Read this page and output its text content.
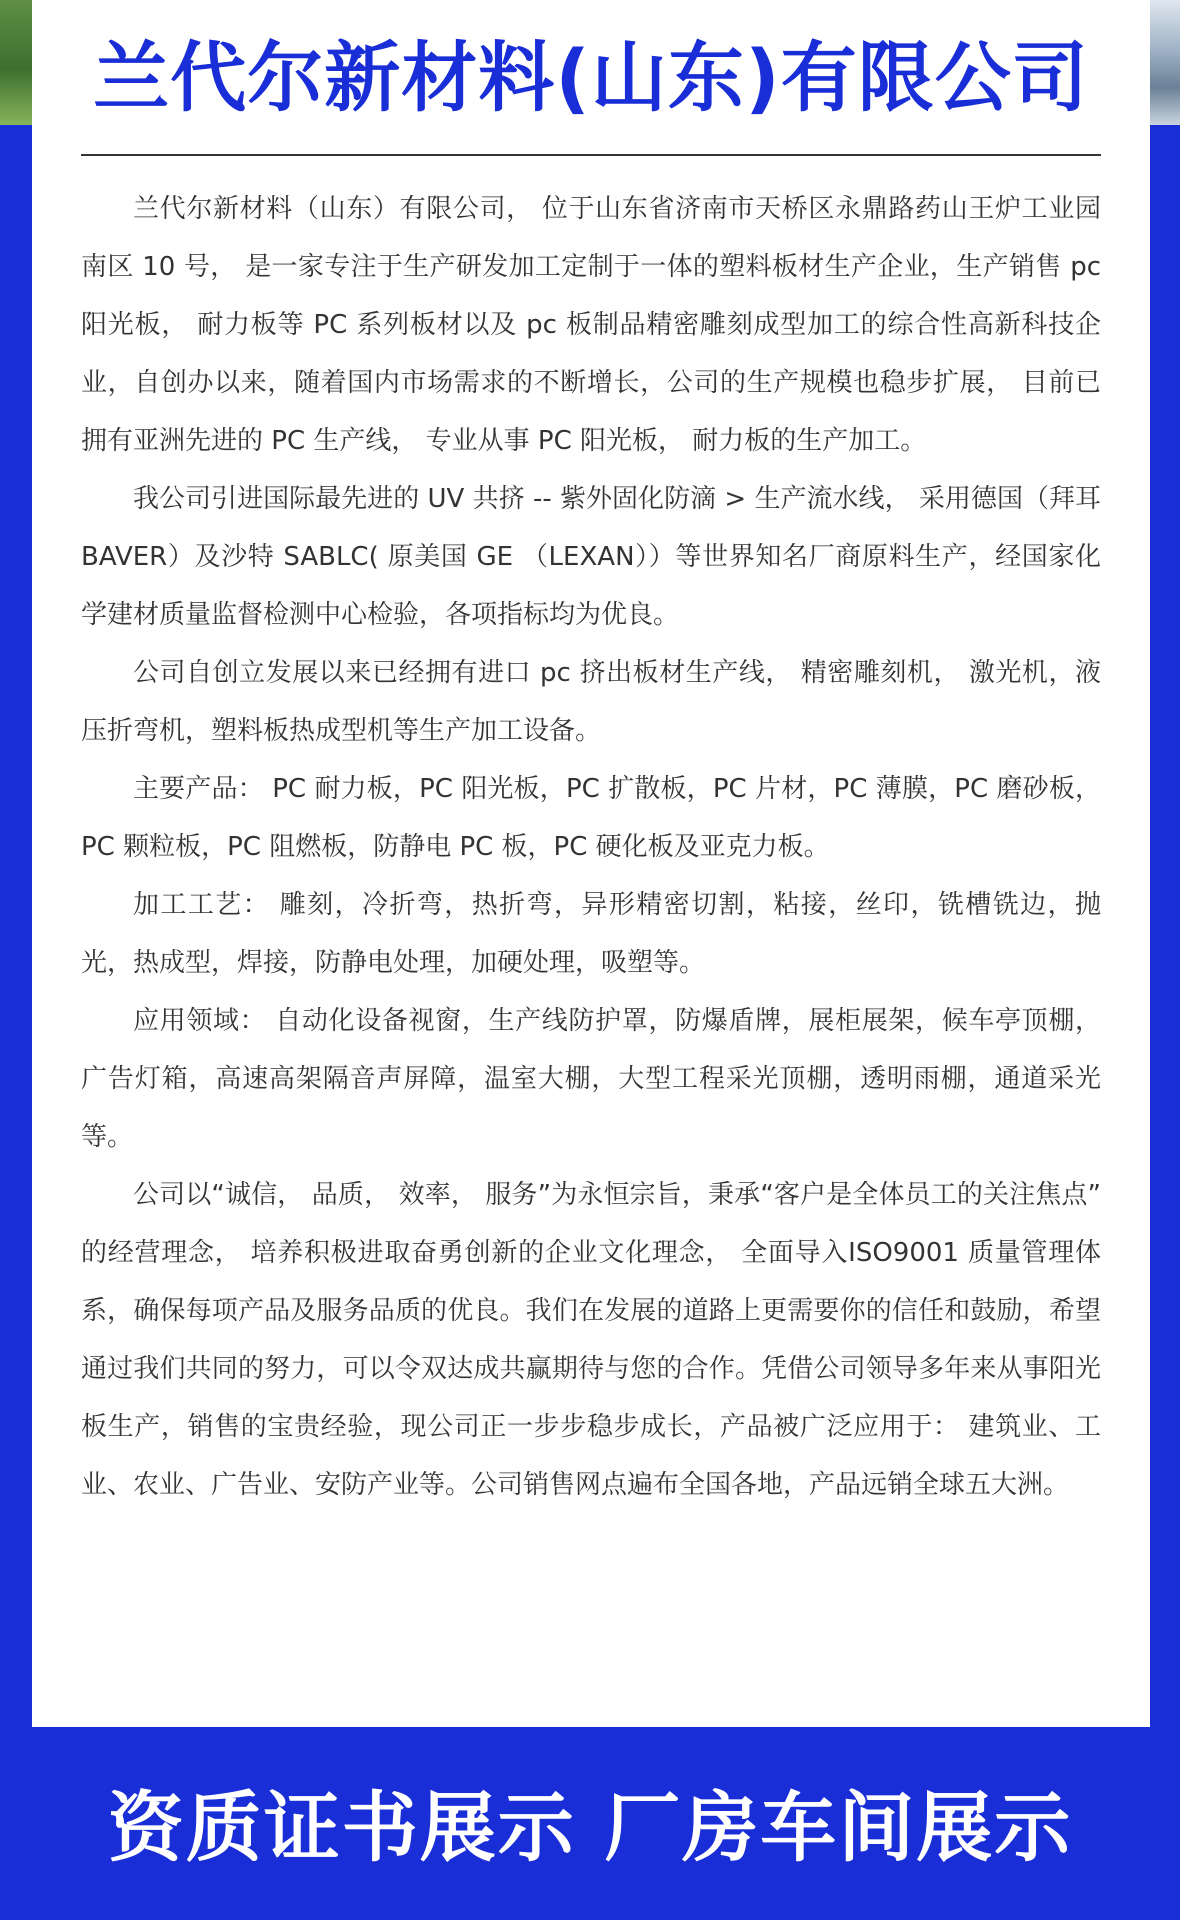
兰代尔新材料(山东)有限公司

兰代尔新材料（山东）有限公司， 位于山东省济南市天桥区永鼎路药山王炉工业园南区 10 号， 是一家专注于生产研发加工定制于一体的塑料板材生产企业，生产销售 pc 阳光板， 耐力板等 PC 系列板材以及 pc 板制品精密雕刻成型加工的综合性高新科技企业，自创办以来，随着国内市场需求的不断增长，公司的生产规模也稳步扩展， 目前已拥有亚洲先进的 PC 生产线， 专业从事 PC 阳光板， 耐力板的生产加工。

我公司引进国际最先进的 UV 共挤 -- 紫外固化防滴 > 生产流水线， 采用德国（拜耳 BAVER）及沙特 SABLC( 原美国 GE （LEXAN））等世界知名厂商原料生产，经国家化学建材质量监督检测中心检验，各项指标均为优良。

公司自创立发展以来已经拥有进口 pc 挤出板材生产线， 精密雕刻机， 激光机，液压折弯机，塑料板热成型机等生产加工设备。

主要产品： PC 耐力板，PC 阳光板，PC 扩散板，PC 片材，PC 薄膜，PC 磨砂板，PC 颗粒板，PC 阻燃板，防静电 PC 板，PC 硬化板及亚克力板。

加工工艺： 雕刻，冷折弯，热折弯，异形精密切割，粘接，丝印，铣槽铣边，抛光，热成型，焊接，防静电处理，加硬处理，吸塑等。

应用领域： 自动化设备视窗，生产线防护罩，防爆盾牌，展柜展架，候车亭顶棚，广告灯箱，高速高架隔音声屏障，温室大棚，大型工程采光顶棚，透明雨棚，通道采光等。

公司以“诚信， 品质， 效率， 服务”为永恒宗旨，秉承“客户是全体员工的关注焦点” 的经营理念， 培养积极进取奋勇创新的企业文化理念， 全面导入ISO9001 质量管理体系，确保每项产品及服务品质的优良。我们在发展的道路上更需要你的信任和鼓励，希望通过我们共同的努力，可以令双达成共赢期待与您的合作。凭借公司领导多年来从事阳光板生产，销售的宝贵经验，现公司正一步步稳步成长，产品被广泛应用于： 建筑业、工业、农业、广告业、安防产业等。公司销售网点遍布全国各地，产品远销全球五大洲。

资质证书展示 厂房车间展示
